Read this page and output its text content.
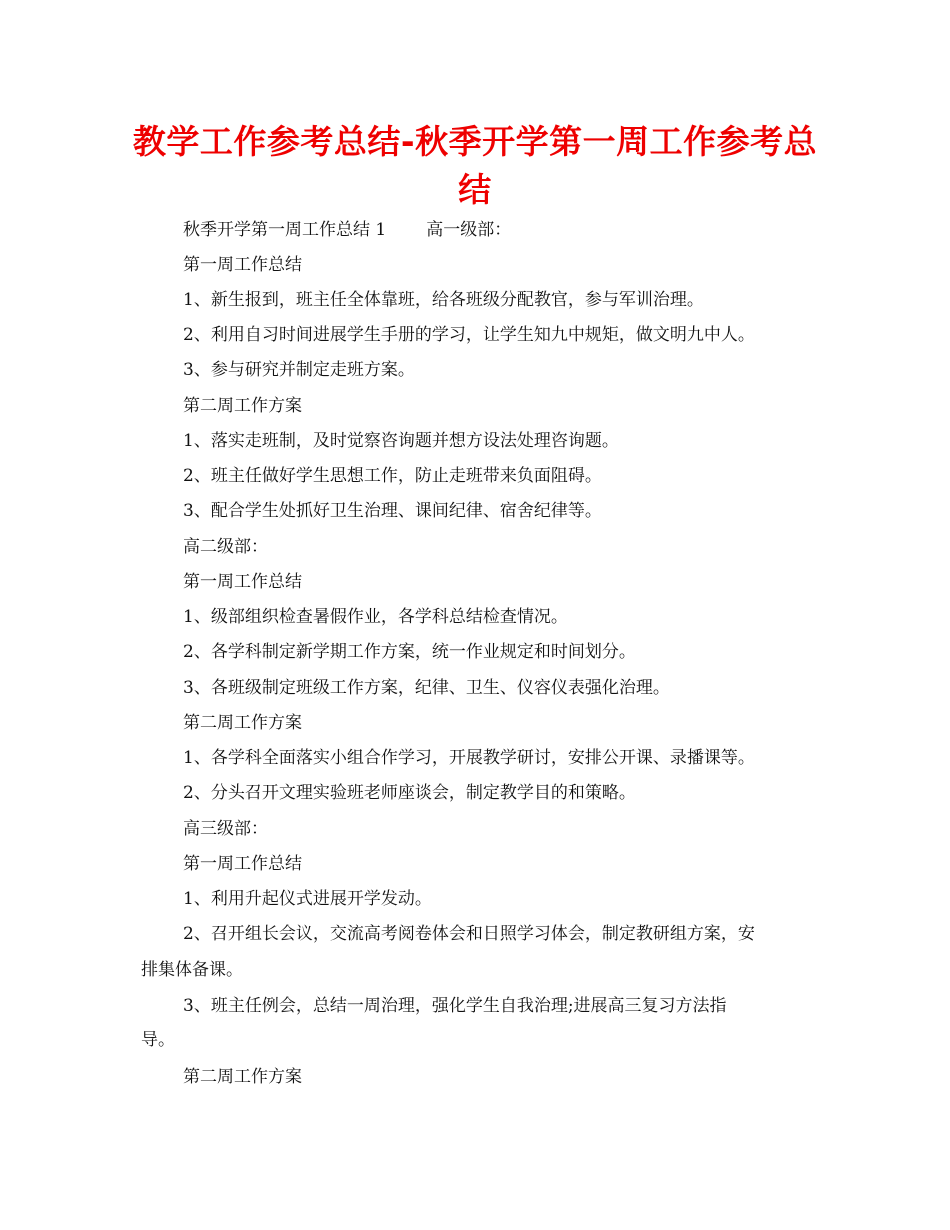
教学工作参考总结-秋季开学第一周工作参考总结
秋季开学第一周工作总结 1 高一级部：
第一周工作总结
1、新生报到，班主任全体靠班，给各班级分配教官，参与军训治理。
2、利用自习时间进展学生手册的学习，让学生知九中规矩，做文明九中人。
3、参与研究并制定走班方案。
第二周工作方案
1、落实走班制，及时觉察咨询题并想方设法处理咨询题。
2、班主任做好学生思想工作，防止走班带来负面阻碍。
3、配合学生处抓好卫生治理、课间纪律、宿舍纪律等。
高二级部：
第一周工作总结
1、级部组织检查暑假作业，各学科总结检查情况。
2、各学科制定新学期工作方案，统一作业规定和时间划分。
3、各班级制定班级工作方案，纪律、卫生、仪容仪表强化治理。
第二周工作方案
1、各学科全面落实小组合作学习，开展教学研讨，安排公开课、录播课等。
2、分头召开文理实验班老师座谈会，制定教学目的和策略。
高三级部：
第一周工作总结
1、利用升起仪式进展开学发动。
2、召开组长会议，交流高考阅卷体会和日照学习体会，制定教研组方案，安
排集体备课。
3、班主任例会，总结一周治理，强化学生自我治理;进展高三复习方法指
导。
第二周工作方案
